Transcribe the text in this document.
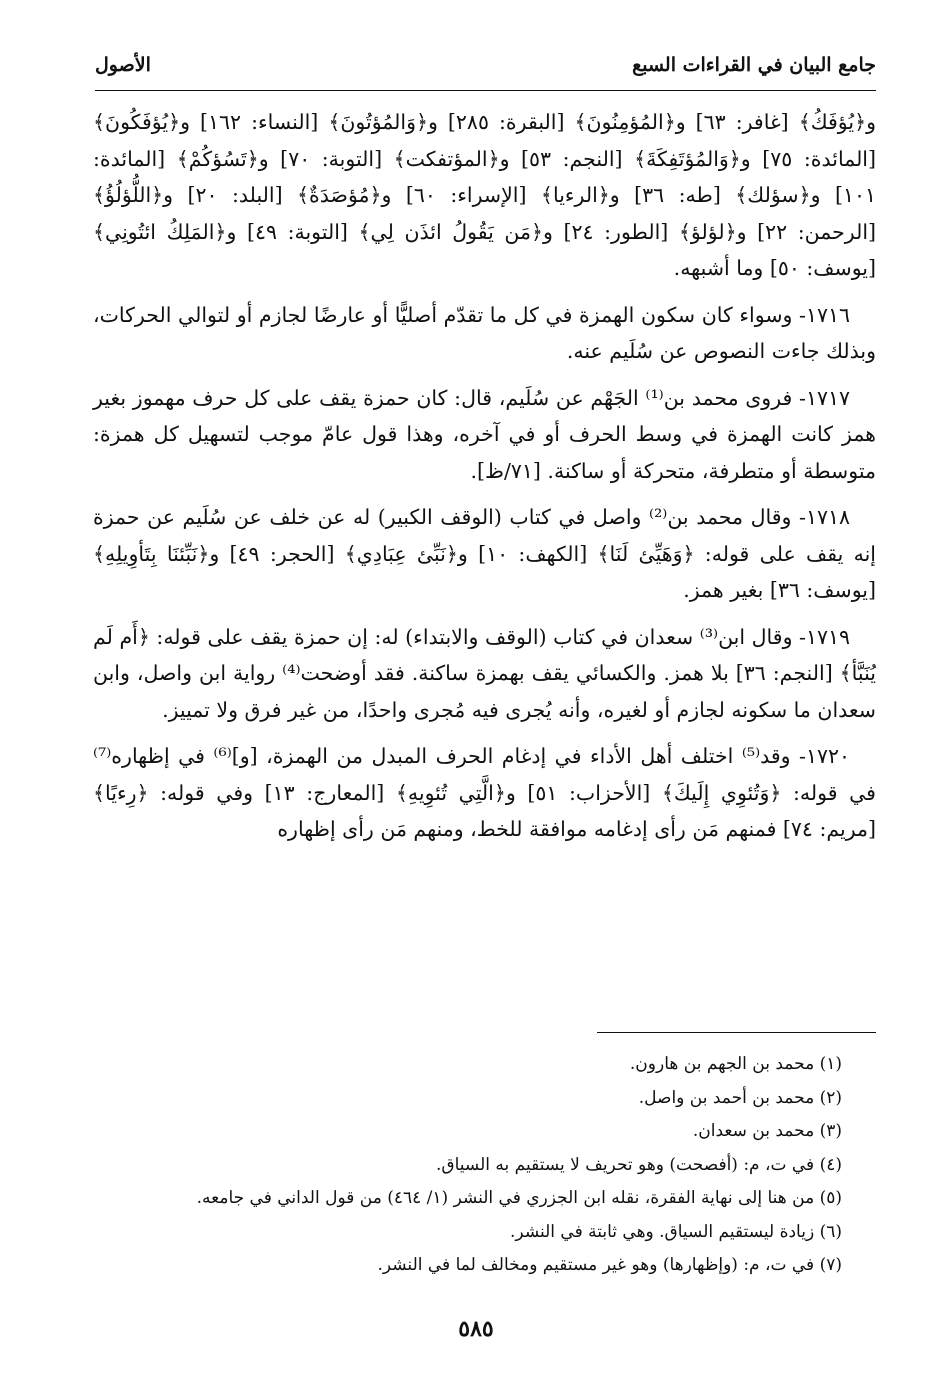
جامع البيان في القراءات السبع
الأصول

و﴿يُؤفَكُ﴾ [غافر: ٦٣] و﴿المُؤمِنُونَ﴾ [البقرة: ٢٨٥] و﴿وَالمُؤتُونَ﴾ [النساء: ١٦٢] و﴿يُؤفَكُونَ﴾ [المائدة: ٧٥] و﴿وَالمُؤتَفِكَةَ﴾ [النجم: ٥٣] و﴿المؤتفكت﴾ [التوبة: ٧٠] و﴿تَسُؤكُمْ﴾ [المائدة: ١٠١] و﴿سؤلك﴾ [طه: ٣٦] و﴿الرءيا﴾ [الإسراء: ٦٠] و﴿مُؤصَدَةٌ﴾ [البلد: ٢٠] و﴿اللُّؤلُؤُ﴾ [الرحمن: ٢٢] و﴿لؤلؤ﴾ [الطور: ٢٤] و﴿مَن يَقُولُ ائذَن لِي﴾ [التوبة: ٤٩] و﴿المَلِكُ ائتُونِي﴾ [يوسف: ٥٠] وما أشبهه.

١٧١٦- وسواء كان سكون الهمزة في كل ما تقدّم أصليًّا أو عارضًا لجازم أو لتوالي الحركات، وبذلك جاءت النصوص عن سُلَيم عنه.

١٧١٧- فروى محمد بن⁽¹⁾ الجَهْم عن سُلَيم، قال: كان حمزة يقف على كل حرف مهموز بغير همز كانت الهمزة في وسط الحرف أو في آخره، وهذا قول عامّ موجب لتسهيل كل همزة: متوسطة أو متطرفة، متحركة أو ساكنة. [٧١/ظ].

١٧١٨- وقال محمد بن⁽²⁾ واصل في كتاب (الوقف الكبير) له عن خلف عن سُلَيم عن حمزة إنه يقف على قوله: ﴿وَهَيِّئ لَنَا﴾ [الكهف: ١٠] و﴿نَبِّئ عِبَادِي﴾ [الحجر: ٤٩] و﴿نَبِّئنَا بِتَأوِيلِهِ﴾ [يوسف: ٣٦] بغير همز.

١٧١٩- وقال ابن⁽³⁾ سعدان في كتاب (الوقف والابتداء) له: إن حمزة يقف على قوله: ﴿أَم لَم يُنَبَّأ﴾ [النجم: ٣٦] بلا همز. والكسائي يقف بهمزة ساكنة. فقد أوضحت⁽⁴⁾ رواية ابن واصل، وابن سعدان ما سكونه لجازم أو لغيره، وأنه يُجرى فيه مُجرى واحدًا، من غير فرق ولا تمييز.

١٧٢٠- وقد⁽⁵⁾ اختلف أهل الأداء في إدغام الحرف المبدل من الهمزة، [و]⁽⁶⁾ في إظهاره⁽⁷⁾ في قوله: ﴿وَتُئوِي إِلَيكَ﴾ [الأحزاب: ٥١] و﴿الَّتِي تُئوِيهِ﴾ [المعارج: ١٣] وفي قوله: ﴿رِءيًا﴾ [مريم: ٧٤] فمنهم مَن رأى إدغامه موافقة للخط، ومنهم مَن رأى إظهاره

(١) محمد بن الجهم بن هارون.
(٢) محمد بن أحمد بن واصل.
(٣) محمد بن سعدان.
(٤) في ت، م: (أفصحت) وهو تحريف لا يستقيم به السياق.
(٥) من هنا إلى نهاية الفقرة، نقله ابن الجزري في النشر (١/ ٤٦٤) من قول الداني في جامعه.
(٦) زيادة ليستقيم السياق. وهي ثابتة في النشر.
(٧) في ت، م: (وإظهارها) وهو غير مستقيم ومخالف لما في النشر.
٥٨٥
